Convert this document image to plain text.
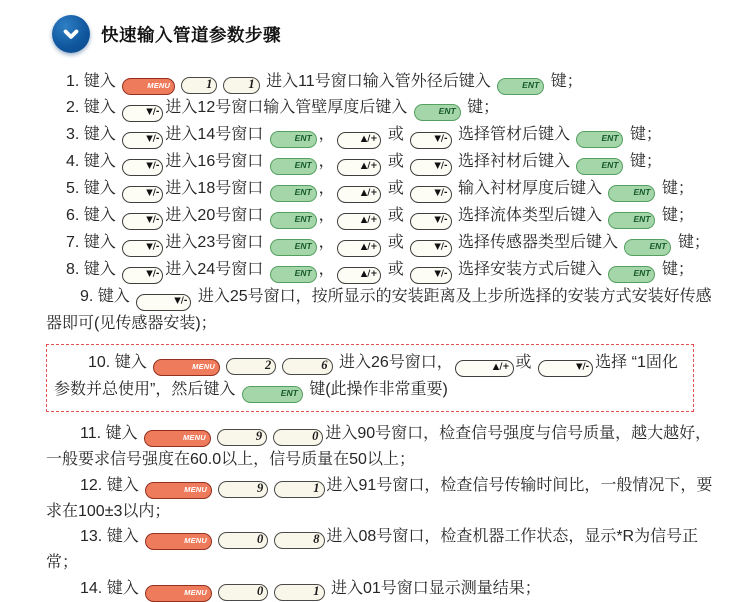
快速输入管道参数步骤

1. 键入	MENU	1	1 进入11号窗口输入管外径后键入	ENT 键；

2. 键入	▼/- 进入12号窗口输入管壁厚度后键入	ENT 键；

3. 键入	▼/- 进入14号窗口	ENT ，	▲/+ 或	▼/- 选择管材后键入	ENT 键；

4. 键入	▼/- 进入16号窗口	ENT ，	▲/+ 或	▼/- 选择衬材后键入	ENT 键；

5. 键入	▼/- 进入18号窗口	ENT ，	▲/+ 或	▼/- 输入衬材厚度后键入	ENT 键；

6. 键入	▼/- 进入20号窗口	ENT ，	▲/+ 或	▼/- 选择流体类型后键入	ENT 键；

7. 键入	▼/- 进入23号窗口	ENT ，	▲/+ 或	▼/- 选择传感器类型后键入	ENT 键；

8. 键入	▼/- 进入24号窗口	ENT ，	▲/+ 或	▼/- 选择安装方式后键入	ENT 键；

9. 键入	▼/- 进入25号窗口，按所显示的安装距离及上步所选择的安装方式安装好传感器即可(见传感器安装)；

10. 键入	MENU	2	6 进入26号窗口，	▲/+ 或	▼/- 选择 “1固化参数并总使用”，然后键入	ENT 键(此操作非常重要)

11. 键入	MENU	9	0 进入90号窗口，检查信号强度与信号质量，越大越好，一般要求信号强度在60.0以上，信号质量在50以上；

12. 键入	MENU	9	1 进入91号窗口，检查信号传输时间比，一般情况下，要求在100±3以内；

13. 键入	MENU	0	8 进入08号窗口，检查机器工作状态，显示*R为信号正常；

14. 键入	MENU	0	1 进入01号窗口显示测量结果；
